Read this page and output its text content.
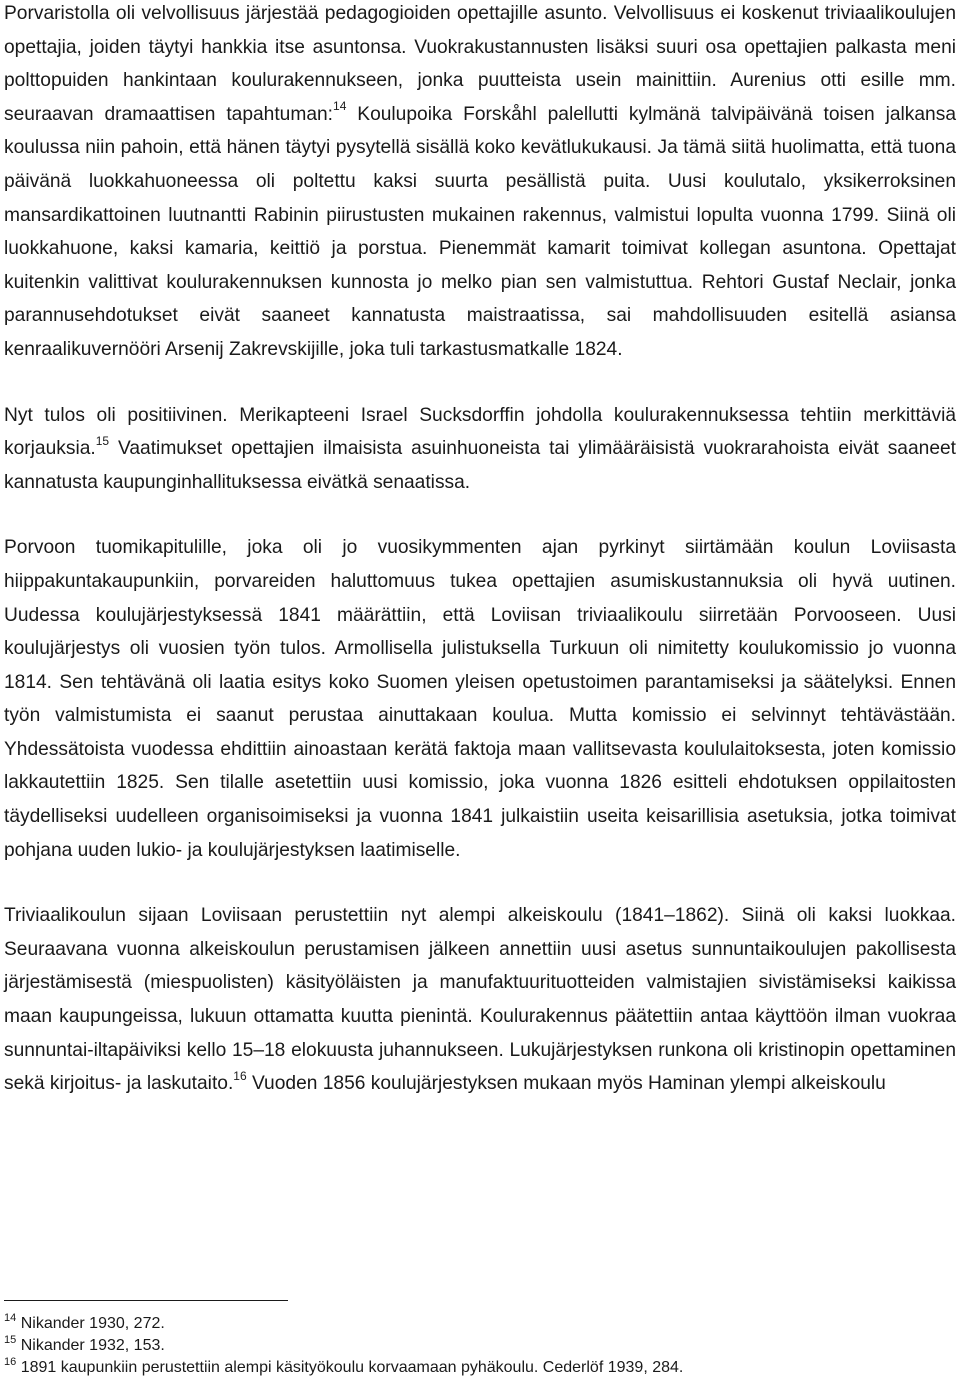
Porvaristolla oli velvollisuus järjestää pedagogioiden opettajille asunto. Velvollisuus ei koskenut triviaalikoulujen opettajia, joiden täytyi hankkia itse asuntonsa. Vuokrakustannusten lisäksi suuri osa opettajien palkasta meni polttopuiden hankintaan koulurakennukseen, jonka puutteista usein mainittiin. Aurenius otti esille mm. seuraavan dramaattisen tapahtuman:$^{14}$ Koulupoika Forskåhl palellutti kylmänä talvipäivänä toisen jalkansa koulussa niin pahoin, että hänen täytyi pysytellä sisällä koko kevätlukukausi. Ja tämä siitä huolimatta, että tuona päivänä luokkahuoneessa oli poltettu kaksi suurta pesällistä puita. Uusi koulutalo, yksikerroksinen mansardikattoinen luutnantti Rabinin piirustusten mukainen rakennus, valmistui lopulta vuonna 1799. Siinä oli luokkahuone, kaksi kamaria, keittiö ja porstua. Pienemmät kamarit toimivat kollegan asuntona. Opettajat kuitenkin valittivat koulurakennuksen kunnosta jo melko pian sen valmistuttua. Rehtori Gustaf Neclair, jonka parannusehdotukset eivät saaneet kannatusta maistraatissa, sai mahdollisuuden esitellä asiansa kenraalikuvernööri Arsenij Zakrevskijille, joka tuli tarkastusmatkalle 1824.

Nyt tulos oli positiivinen. Merikapteeni Israel Sucksdorffin johdolla koulurakennuksessa tehtiin merkittäviä korjauksia.$^{15}$ Vaatimukset opettajien ilmaisista asuinhuoneista tai ylimääräisistä vuokrarahoista eivät saaneet kannatusta kaupunginhallituksessa eivätkä senaatissa.

Porvoon tuomikapitulille, joka oli jo vuosikymmenten ajan pyrkinyt siirtämään koulun Loviisasta hiippakuntakaupunkiin, porvareiden haluttomuus tukea opettajien asumiskustannuksia oli hyvä uutinen. Uudessa koulujärjestyksessä 1841 määrättiin, että Loviisan triviaalikoulu siirretään Porvooseen. Uusi koulujärjestys oli vuosien työn tulos. Armollisella julistuksella Turkuun oli nimitetty koulukomissio jo vuonna 1814. Sen tehtävänä oli laatia esitys koko Suomen yleisen opetustoimen parantamiseksi ja säätelyksi. Ennen työn valmistumista ei saanut perustaa ainuttakaan koulua. Mutta komissio ei selvinnyt tehtävästään. Yhdessätoista vuodessa ehdittiin ainoastaan kerätä faktoja maan vallitsevasta koululaitoksesta, joten komissio lakkautettiin 1825. Sen tilalle asetettiin uusi komissio, joka vuonna 1826 esitteli ehdotuksen oppilaitosten täydelliseksi uudelleen organisoimiseksi ja vuonna 1841 julkaistiin useita keisarillisia asetuksia, jotka toimivat pohjana uuden lukio- ja koulujärjestyksen laatimiselle.

Triviaalikoulun sijaan Loviisaan perustettiin nyt alempi alkeiskoulu (1841–1862). Siinä oli kaksi luokkaa. Seuraavana vuonna alkeiskoulun perustamisen jälkeen annettiin uusi asetus sunnuntaikoulujen pakollisesta järjestämisestä (miespuolisten) käsityöläisten ja manufaktuurituotteiden valmistajien sivistämiseksi kaikissa maan kaupungeissa, lukuun ottamatta kuutta pienintä. Koulurakennus päätettiin antaa käyttöön ilman vuokraa sunnuntai-iltapäiviksi kello 15–18 elokuusta juhannukseen. Lukujärjestyksen runkona oli kristinopin opettaminen sekä kirjoitus- ja laskutaito.$^{16}$ Vuoden 1856 koulujärjestyksen mukaan myös Haminan ylempi alkeiskoulu

$^{14}$ Nikander 1930, 272.

$^{15}$ Nikander 1932, 153.

$^{16}$ 1891 kaupunkiin perustettiin alempi käsityökoulu korvaamaan pyhäkoulu. Cederlöf 1939, 284.
